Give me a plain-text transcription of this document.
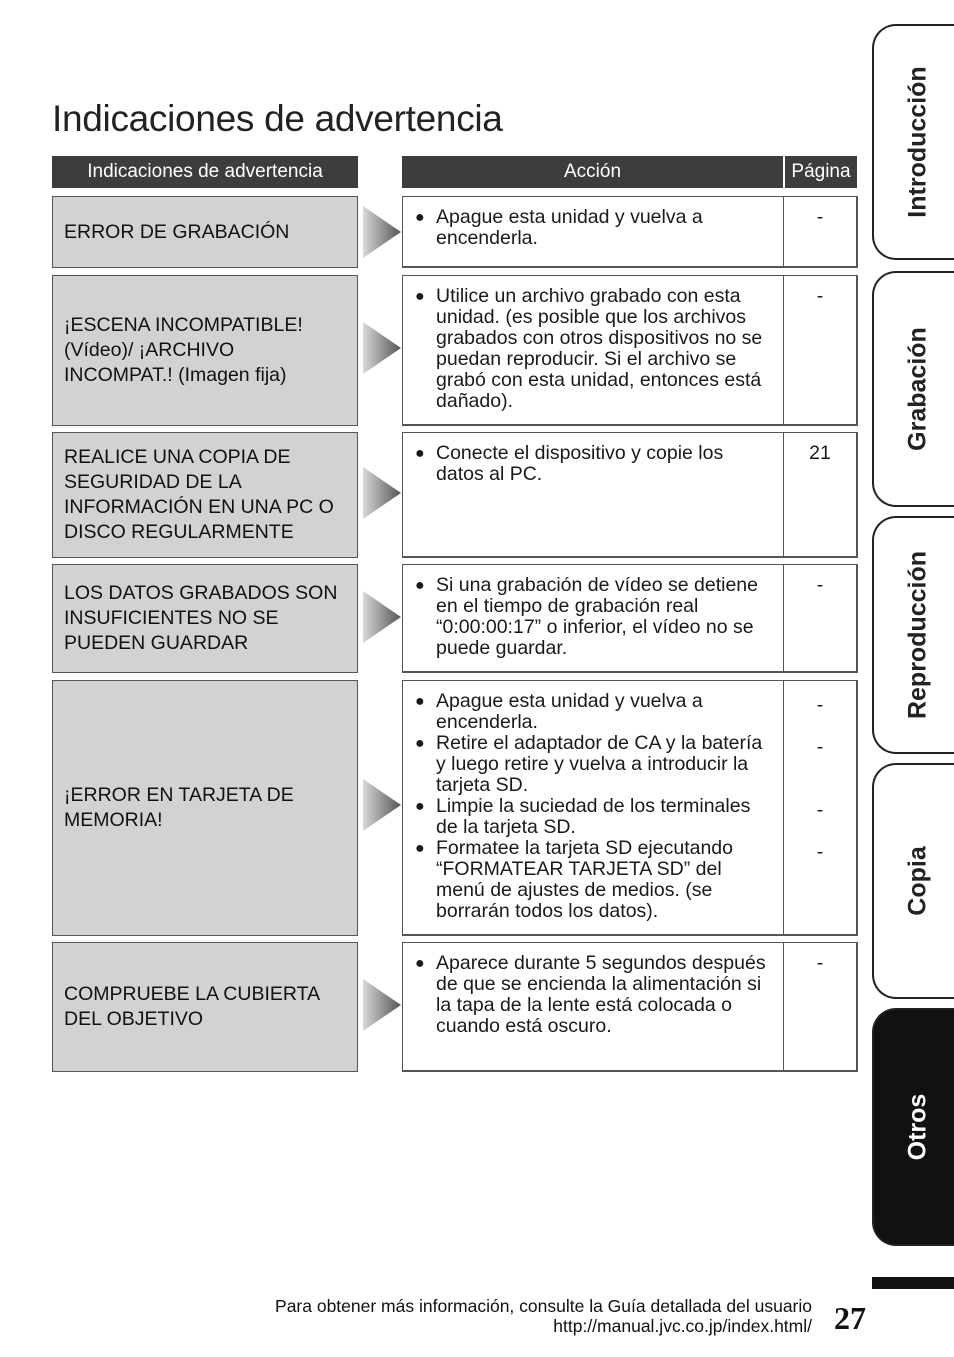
Indicaciones de advertencia
Indicaciones de advertencia	Acción	Página
ERROR DE GRABACIÓN
● Apague esta unidad y vuelva a encenderla.
-
¡ESCENA INCOMPATIBLE! (Vídeo)/ ¡ARCHIVO INCOMPAT.! (Imagen fija)
● Utilice un archivo grabado con esta unidad. (es posible que los archivos grabados con otros dispositivos no se puedan reproducir. Si el archivo se grabó con esta unidad, entonces está dañado).
-
REALICE UNA COPIA DE SEGURIDAD DE LA INFORMACIÓN EN UNA PC O DISCO REGULARMENTE
● Conecte el dispositivo y copie los datos al PC.
21
LOS DATOS GRABADOS SON INSUFICIENTES NO SE PUEDEN GUARDAR
● Si una grabación de vídeo se detiene en el tiempo de grabación real “0:00:00:17” o inferior, el vídeo no se puede guardar.
-
¡ERROR EN TARJETA DE MEMORIA!
● Apague esta unidad y vuelva a encenderla.
● Retire el adaptador de CA y la batería y luego retire y vuelva a introducir la tarjeta SD.
● Limpie la suciedad de los terminales de la tarjeta SD.
● Formatee la tarjeta SD ejecutando “FORMATEAR TARJETA SD” del menú de ajustes de medios. (se borrarán todos los datos).
-
-
-
-
COMPRUEBE LA CUBIERTA DEL OBJETIVO
● Aparece durante 5 segundos después de que se encienda la alimentación si la tapa de la lente está colocada o cuando está oscuro.
-
Introducción
Grabación
Reproducción
Copia
Otros
Para obtener más información, consulte la Guía detallada del usuario
http://manual.jvc.co.jp/index.html/ 27
